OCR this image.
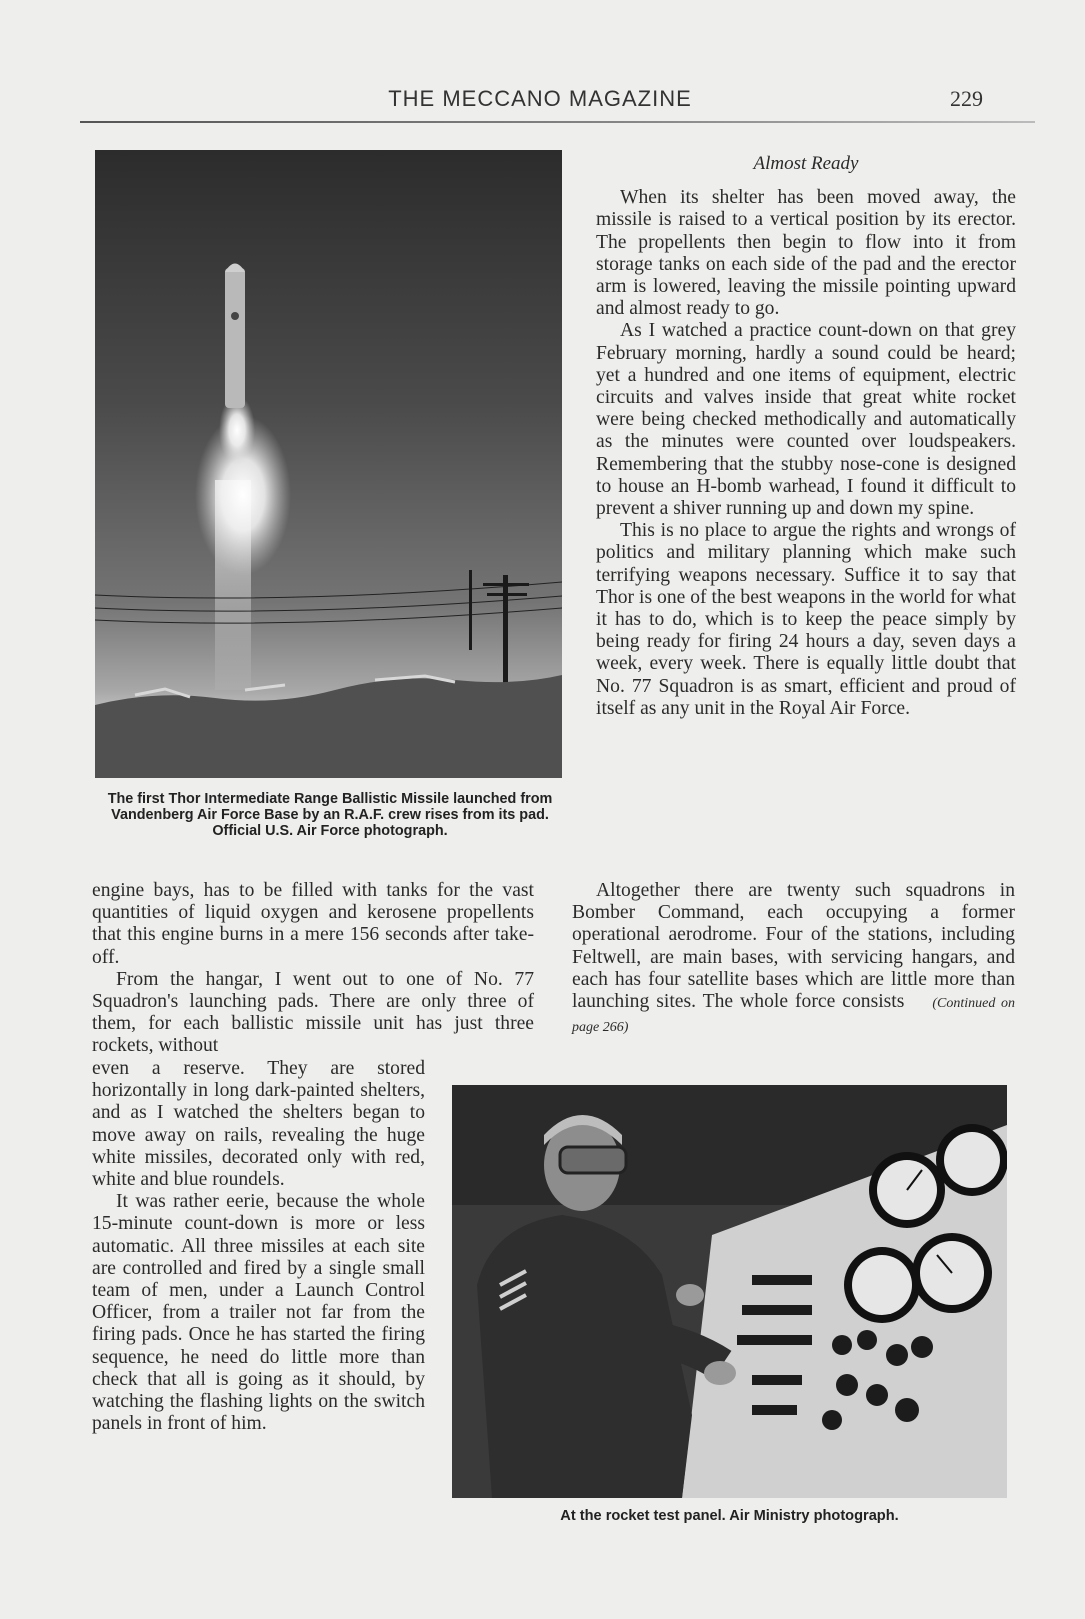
THE MECCANO MAGAZINE	229
The first Thor Intermediate Range Ballistic Missile launched from Vandenberg Air Force Base by an R.A.F. crew rises from its pad. Official U.S. Air Force photograph.
Almost Ready

When its shelter has been moved away, the missile is raised to a vertical position by its erector. The propellents then begin to flow into it from storage tanks on each side of the pad and the erector arm is lowered, leaving the missile pointing upward and almost ready to go.

As I watched a practice count-down on that grey February morning, hardly a sound could be heard; yet a hundred and one items of equipment, electric circuits and valves inside that great white rocket were being checked methodically and automatically as the minutes were counted over loudspeakers. Remembering that the stubby nose-cone is designed to house an H-bomb warhead, I found it difficult to prevent a shiver running up and down my spine.

This is no place to argue the rights and wrongs of politics and military planning which make such terrifying weapons necessary. Suffice it to say that Thor is one of the best weapons in the world for what it has to do, which is to keep the peace simply by being ready for firing 24 hours a day, seven days a week, every week. There is equally little doubt that No. 77 Squadron is as smart, efficient and proud of itself as any unit in the Royal Air Force.

engine bays, has to be filled with tanks for the vast quantities of liquid oxygen and kerosene propellents that this engine burns in a mere 156 seconds after take-off.

From the hangar, I went out to one of No. 77 Squadron's launching pads. There are only three of them, for each ballistic missile unit has just three rockets, without

Altogether there are twenty such squadrons in Bomber Command, each occupying a former operational aerodrome. Four of the stations, including Feltwell, are main bases, with servicing hangars, and each has four satellite bases which are little more than launching sites. The whole force consists (Continued on page 266)

even a reserve. They are stored horizontally in long dark-painted shelters, and as I watched the shelters began to move away on rails, revealing the huge white missiles, decorated only with red, white and blue roundels.

It was rather eerie, because the whole 15-minute count-down is more or less automatic. All three missiles at each site are controlled and fired by a single small team of men, under a Launch Control Officer, from a trailer not far from the firing pads. Once he has started the firing sequence, he need do little more than check that all is going as it should, by watching the flashing lights on the switch panels in front of him.

At the rocket test panel. Air Ministry photograph.
